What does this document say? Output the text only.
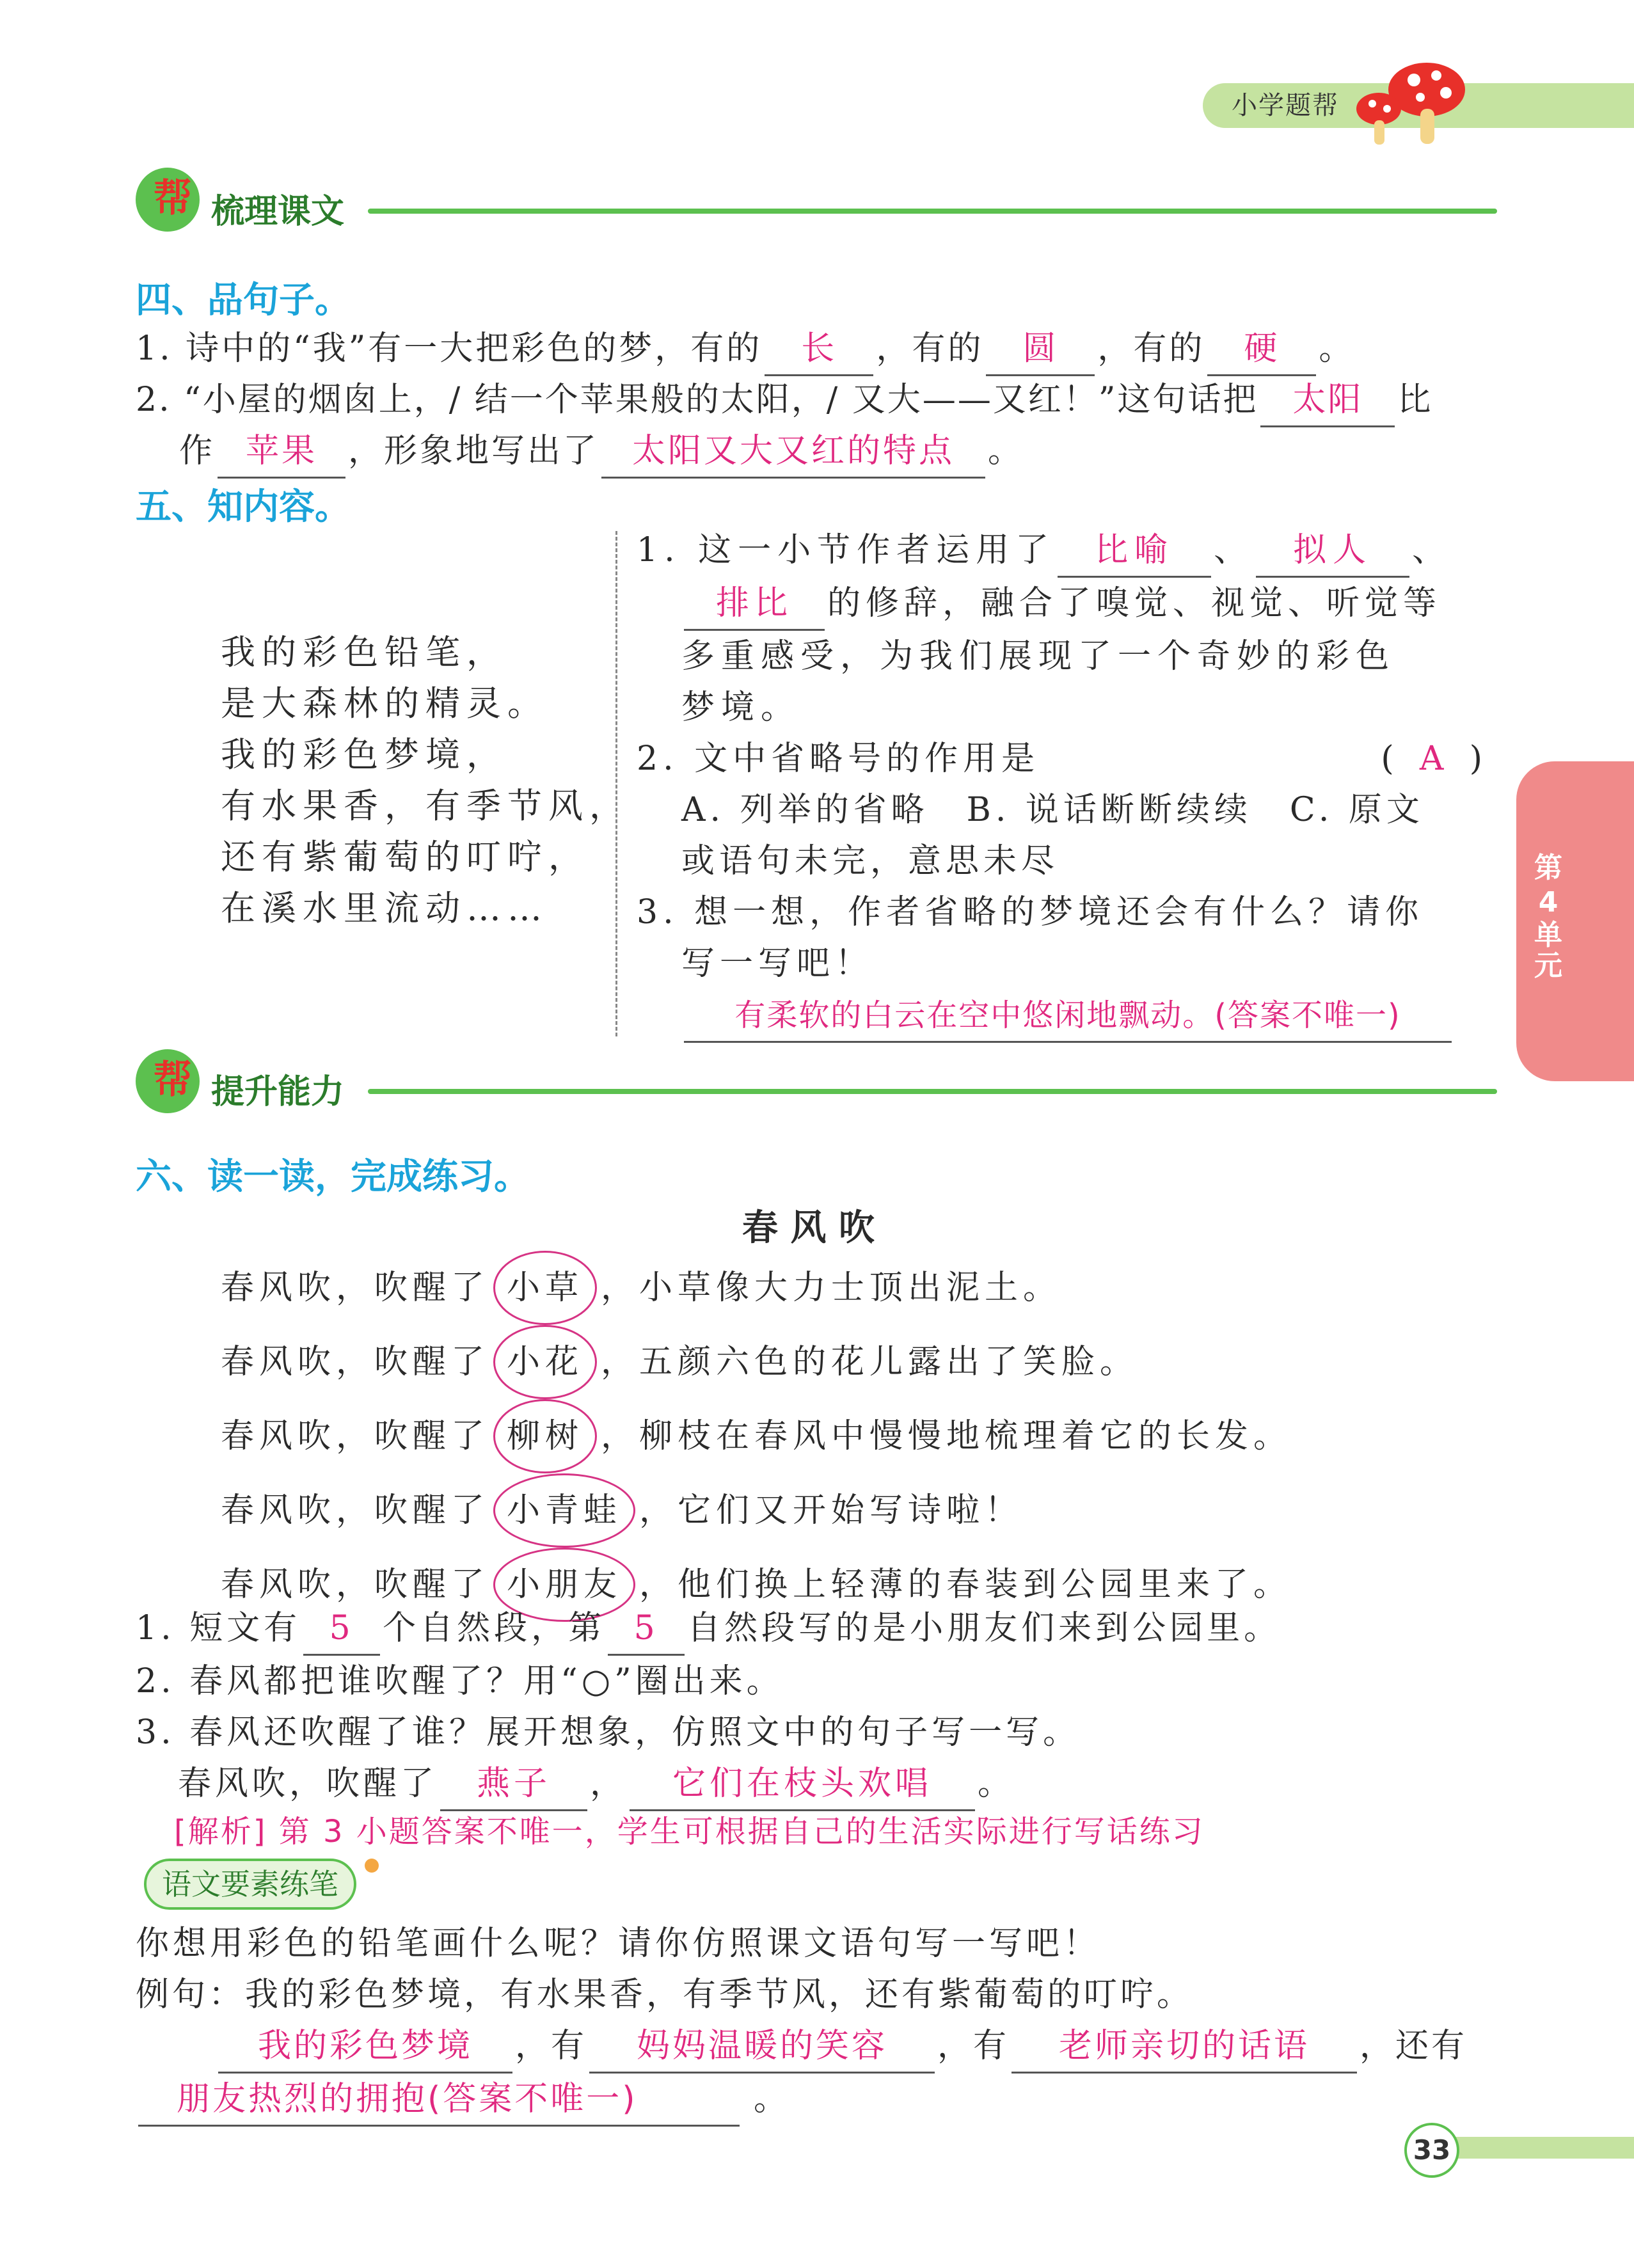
小学题帮
第
4
单元
帮 梳理课文
四、品句子。
1. 诗中的“我”有一大把彩色的梦，有的 长 ，有的 圆 ，有的 硬 。
2. “小屋的烟囱上，/ 结一个苹果般的太阳，/ 又大——又红！”这句话把 太阳 比
作 苹果 ，形象地写出了 太阳又大又红的特点 。
五、知内容。
我的彩色铅笔，
是大森林的精灵。
我的彩色梦境，
有水果香，有季节风，
还有紫葡萄的叮咛，
在溪水里流动……
1. 这一小节作者运用了 比喻 、 拟人 、
排比 的修辞，融合了嗅觉、视觉、听觉等
多重感受，为我们展现了一个奇妙的彩色
梦境。
2. 文中省略号的作用是	( A )
A. 列举的省略　B. 说话断断续续　C. 原文
或语句未完，意思未尽
3. 想一想，作者省略的梦境还会有什么？请你
写一写吧！
有柔软的白云在空中悠闲地飘动。(答案不唯一)
帮 提升能力
六、读一读，完成练习。
春 风 吹
春风吹，吹醒了 小草 ，小草像大力士顶出泥土。
春风吹，吹醒了 小花 ，五颜六色的花儿露出了笑脸。
春风吹，吹醒了 柳树 ，柳枝在春风中慢慢地梳理着它的长发。
春风吹，吹醒了 小青蛙 ，它们又开始写诗啦！
春风吹，吹醒了 小朋友 ，他们换上轻薄的春装到公园里来了。
1. 短文有 5 个自然段，第 5 自然段写的是小朋友们来到公园里。
2. 春风都把谁吹醒了？用“○”圈出来。
3. 春风还吹醒了谁？展开想象，仿照文中的句子写一写。
春风吹，吹醒了 燕子 ， 它们在枝头欢唱 。
[解析] 第 3 小题答案不唯一，学生可根据自己的生活实际进行写话练习
语文要素练笔
你想用彩色的铅笔画什么呢？请你仿照课文语句写一写吧！
例句：我的彩色梦境，有水果香，有季节风，还有紫葡萄的叮咛。
我的彩色梦境 ，有 妈妈温暖的笑容 ，有 老师亲切的话语 ，还有
朋友热烈的拥抱(答案不唯一)	。
33
